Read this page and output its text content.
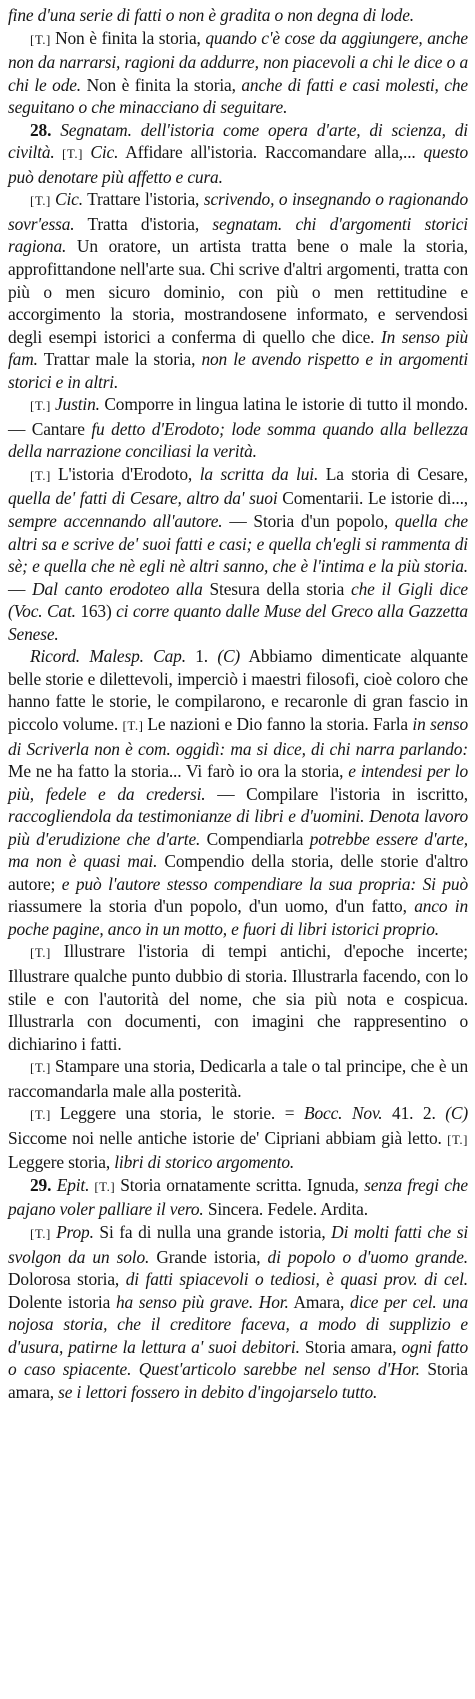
fine d'una serie di fatti o non è gradita o non degna di lode.

[T.] Non è finita la storia, quando c'è cose da aggiungere, anche non da narrarsi, ragioni da addurre, non piacevoli a chi le dice o a chi le ode. Non è finita la storia, anche di fatti e casi molesti, che seguitano o che minacciano di seguitare.

28. Segnatam. dell'istoria come opera d'arte, di scienza, di civiltà. [T.] Cic. Affidare all'istoria. Raccomandare alla,... questo può denotare più affetto e cura.

[T.] Cic. Trattare l'istoria, scrivendo, o insegnando o ragionando sovr'essa. Tratta d'istoria, segnatam. chi d'argomenti storici ragiona. Un oratore, un artista tratta bene o male la storia, approfittandone nell'arte sua. Chi scrive d'altri argomenti, tratta con più o men sicuro dominio, con più o men rettitudine e accorgimento la storia, mostrandosene informato, e servendosi degli esempi istorici a conferma di quello che dice. In senso più fam. Trattar male la storia, non le avendo rispetto e in argomenti storici e in altri.

[T.] Justin. Comporre in lingua latina le istorie di tutto il mondo. — Cantare fu detto d'Erodoto; lode somma quando alla bellezza della narrazione conciliasi la verità.

[T.] L'istoria d'Erodoto, la scritta da lui. La storia di Cesare, quella de' fatti di Cesare, altro da' suoi Comentarii. Le istorie di..., sempre accennando all'autore. — Storia d'un popolo, quella che altri sa e scrive de' suoi fatti e casi; e quella ch'egli si rammenta di sè; e quella che nè egli nè altri sanno, che è l'intima e la più storia. — Dal canto erodoteo alla Stesura della storia che il Gigli dice (Voc. Cat. 163) ci corre quanto dalle Muse del Greco alla Gazzetta Senese.

Ricord. Malesp. Cap. 1. (C) Abbiamo dimenticate alquante belle storie e dilettevoli, imperciò i maestri filosofi, cioè coloro che hanno fatte le storie, le compilarono, e recaronle di gran fascio in piccolo volume. [T.] Le nazioni e Dio fanno la storia. Farla in senso di Scriverla non è com. oggidì: ma si dice, di chi narra parlando: Me ne ha fatto la storia... Vi farò io ora la storia, e intendesi per lo più, fedele e da credersi. — Compilare l'istoria in iscritto, raccogliendola da testimonianze di libri e d'uomini. Denota lavoro più d'erudizione che d'arte. Compendiarla potrebbe essere d'arte, ma non è quasi mai. Compendio della storia, delle storie d'altro autore; e può l'autore stesso compendiare la sua propria: Si può riassumere la storia d'un popolo, d'un uomo, d'un fatto, anco in poche pagine, anco in un motto, e fuori di libri istorici proprio.

[T.] Illustrare l'istoria di tempi antichi, d'epoche incerte; Illustrare qualche punto dubbio di storia. Illustrarla facendo, con lo stile e con l'autorità del nome, che sia più nota e cospicua. Illustrarla con documenti, con imagini che rappresentino o dichiarino i fatti.

[T.] Stampare una storia, Dedicarla a tale o tal principe, che è un raccomandarla male alla posterità.

[T.] Leggere una storia, le storie. = Bocc. Nov. 41. 2. (C) Siccome noi nelle antiche istorie de' Cipriani abbiam già letto. [T.] Leggere storia, libri di storico argomento.

29. Epit. [T.] Storia ornatamente scritta. Ignuda, senza fregi che pajano voler palliare il vero. Sincera. Fedele. Ardita.

[T.] Prop. Si fa di nulla una grande istoria, Di molti fatti che si svolgon da un solo. Grande istoria, di popolo o d'uomo grande. Dolorosa storia, di fatti spiacevoli o tediosi, è quasi prov. di cel. Dolente istoria ha senso più grave. Hor. Amara, dice per cel. una nojosa storia, che il creditore faceva, a modo di supplizio e d'usura, patirne la lettura a' suoi debitori. Storia amara, ogni fatto o caso spiacente. Quest'articolo sarebbe nel senso d'Hor. Storia amara, se i lettori fossero in debito d'ingojarselo tutto.
